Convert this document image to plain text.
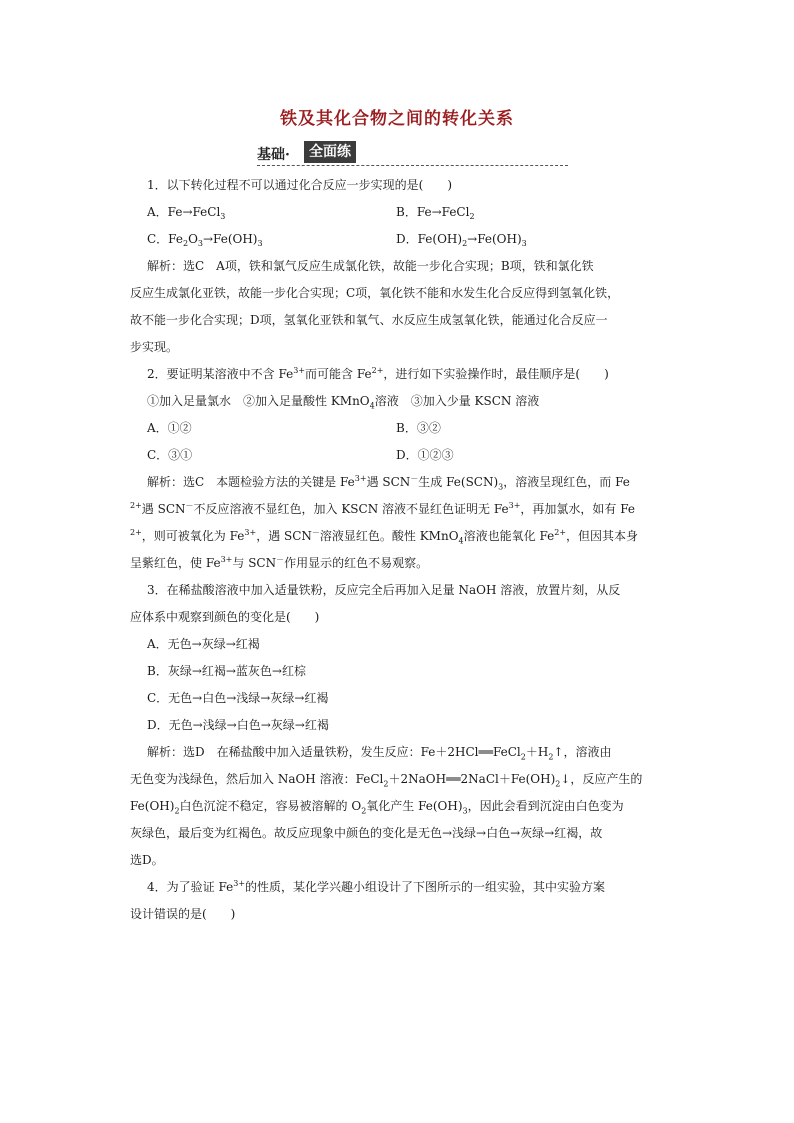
铁及其化合物之间的转化关系
基础·	全面练
1．以下转化过程不可以通过化合反应一步实现的是(　　)
A．Fe→FeCl3	B．Fe→FeCl2
C．Fe2O3→Fe(OH)3	D．Fe(OH)2→Fe(OH)3
解析：选C　A项，铁和氯气反应生成氯化铁，故能一步化合实现；B项，铁和氯化铁
反应生成氯化亚铁，故能一步化合实现；C项，氧化铁不能和水发生化合反应得到氢氧化铁，
故不能一步化合实现；D项，氢氧化亚铁和氧气、水反应生成氢氧化铁，能通过化合反应一
步实现。
2．要证明某溶液中不含 $Fe^{3+}$而可能含 $Fe^{2+}$，进行如下实验操作时，最佳顺序是(　　)
①加入足量氯水　②加入足量酸性 KMnO$_4$溶液　③加入少量 KSCN 溶液
A．①②	B．③②
C．③①	D．①②③
解析：选C　本题检验方法的关键是 $Fe^{3+}$遇 SCN－生成 $Fe(SCN)_3$，溶液呈现红色，而 Fe
$^{2+}$遇 SCN－不反应溶液不显红色，加入 KSCN 溶液不显红色证明无 $Fe^{3+}$，再加氯水，如有 Fe
$^{2+}$，则可被氧化为 $Fe^{3+}$，遇 SCN－溶液显红色。酸性 KMnO$_4$溶液也能氧化 $Fe^{2+}$，但因其本身
呈紫红色，使 $Fe^{3+}$与 SCN－作用显示的红色不易观察。
3．在稀盐酸溶液中加入适量铁粉，反应完全后再加入足量 NaOH 溶液，放置片刻，从反
应体系中观察到颜色的变化是(　　)
A．无色→灰绿→红褐
B．灰绿→红褐→蓝灰色→红棕
C．无色→白色→浅绿→灰绿→红褐
D．无色→浅绿→白色→灰绿→红褐
解析：选D　在稀盐酸中加入适量铁粉，发生反应：$Fe+2HCl══FeCl_2+H_2↑$，溶液由
无色变为浅绿色，然后加入 NaOH 溶液：$FeCl_2+2NaOH══2NaCl+Fe(OH)_2↓$，反应产生的
$Fe(OH)_2$白色沉淀不稳定，容易被溶解的 $O_2$氧化产生 $Fe(OH)_3$，因此会看到沉淀由白色变为
灰绿色，最后变为红褐色。故反应现象中颜色的变化是无色→浅绿→白色→灰绿→红褐，故
选D。
4．为了验证 $Fe^{3+}$的性质，某化学兴趣小组设计了下图所示的一组实验，其中实验方案
设计错误的是(　　)
